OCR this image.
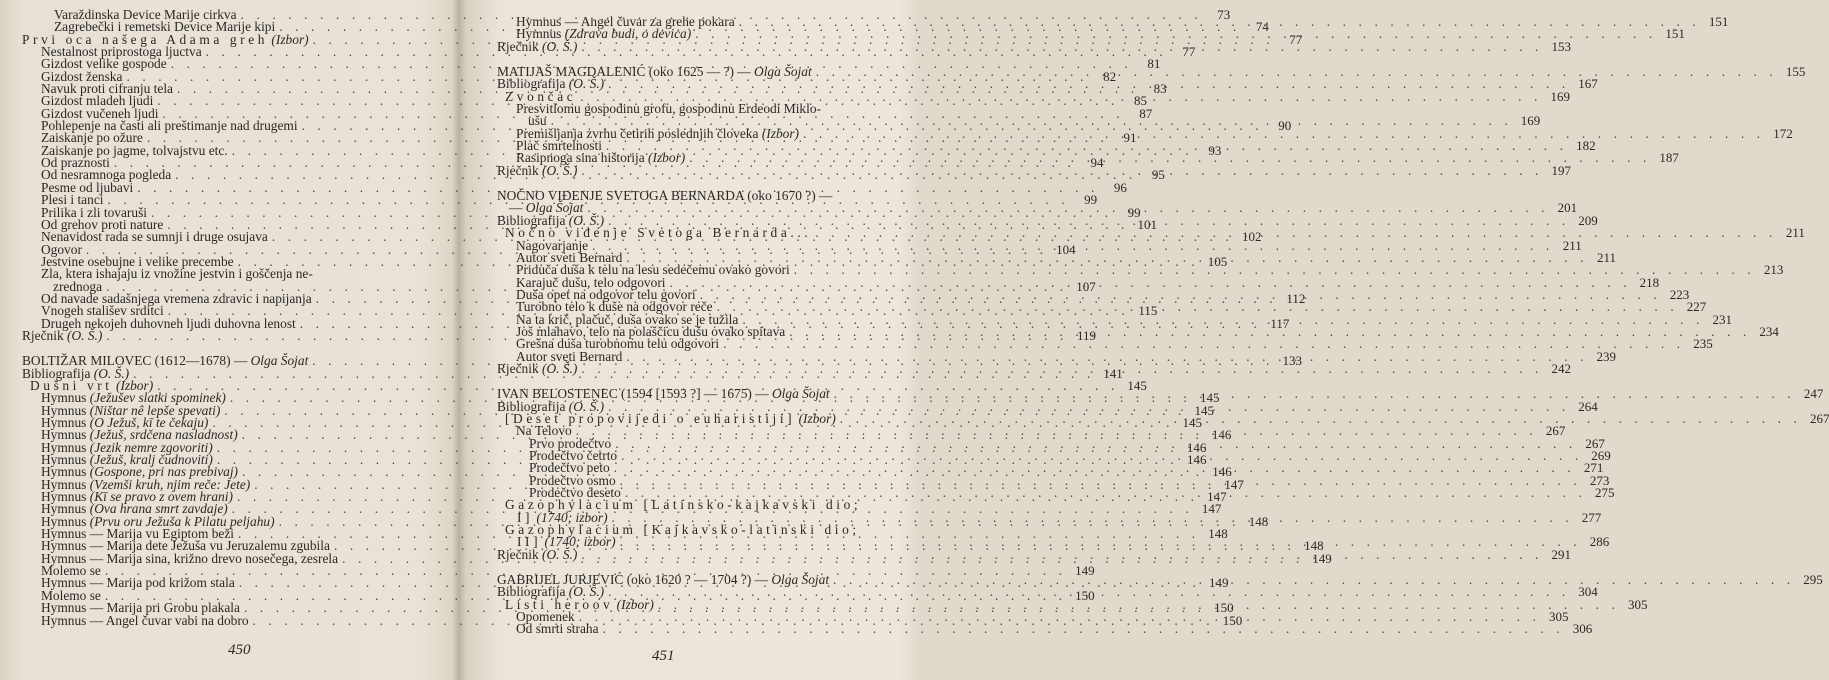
Varaždinska Device Marije cirkva . . .	73
Zagrebečki i remetski Device Marije kipi . . .	74
Prvi oca našega Adama greh (Izbor) . . .	77
Nestalnost priprostoga ljuctva . . .	77
Gizdost velike gospode . . .	81
Gizdost ženska . . .	82
Navuk proti cifranju tela . . .	83
Gizdost mladeh ljudi . . .	85
Gizdost vučeneh ljudi . . .	87
Pohlepenje na časti ali preštimanje nad drugemi . . .	90
Zaiskanje po ožure . . .	91
Zaiskanje po jagme, tolvajstvu etc. . . .	93
Od praznosti . . .	94
Od nesramnoga pogleda . . .	95
Pesme od ljubavi . . .	96
Plesi i tanci . . .	99
Prilika i zli tovaruši . . .	99
Od grehov proti nature . . .	101
Nenavidost rada se sumnji i druge osujava . . .	102
Ogovor . . .	104
Jestvine osebujne i velike precembe . . .	105
Zla, ktera ishajaju iz vnožine jestvin i goščenja ne-
zrednoga . . .	107
Od navade sadašnjega vremena zdravic i napijanja . . .	112
Vnogeh stališev srditci . . .	115
Drugeh nekojeh duhovneh ljudi duhovna lenost . . .	117
Rječnik (O. Š.) . . .	119
BOLTIŽAR MILOVEC (1612—1678) — Olga Šojat . . .	133
Bibliografija (O. Š.) . . .	141
Dušni vrt (Izbor) . . .	145
Hymnus (Ježušev slatki spominek) . . .	145
Hymnus (Ništar nê lepše spevati) . . .	145
Hymnus (O Ježuš, kī te čekaju) . . .	145
Hymnus (Ježuš, srdčena nasladnost) . . .	146
Hymnus (Jezik nemre zgovoriti) . . .	146
Hymnus (Ježuš, kralj čudnoviti) . . .	146
Hymnus (Gospone, pri nas prebivaj) . . .	146
Hymnus (Vzemši kruh, njim reče: Jete) . . .	147
Hymnus (Kī se pravo z ovem hrani) . . .	147
Hymnus (Ova hrana smrt zavdaje) . . .	147
Hymnus (Prvu oru Ježuša k Pilatu peljahu) . . .	148
Hymnus — Marija vu Egiptom beži . . .	148
Hymnus — Marija dete Ježuša vu Jeruzalemu zgubila . . .	148
Hymnus — Marija sina, križno drevo nosečega, zesrela . . .	149
Molemo se . . .	149
Hymnus — Marija pod križom stala . . .	149
Molemo se . . .	150
Hymnus — Marija pri Grobu plakala . . .	150
Hymnus — Angel čuvar vabi na dobro . . .	150
Hymnus — Angel čuvar za grehe pokara . . .	151
Hymnus (Zdrava budi, o devica) . . .	151
Rječnik (O. Š.) . . .	153
MATIJAŠ MAGDALENIĆ (oko 1625 — ?) — Olga Šojat . . .	155
Bibliografija (O. Š.) . . .	167
Zvončac . . .	169
Presvitlomu gospodinu grofu, gospodinu Erdeodi Miklo-
ušu . . .	169
Premišljanja zvrhu četirih poslednjih človeka (Izbor) . . .	172
Plač smrtelnosti . . .	182
Rasipnoga sina hištorija (Izbor) . . .	187
Rječnik (O. Š.) . . .	197
NOČNO VIĐENJE SVETOGA BERNARDA (oko 1670 ?) —
— Olga Šojat . . .	201
Bibliografija (O. Š.) . . .	209
Nočno viđenje Svetoga Bernarda... . . .	211
Nagovarjanje . . .	211
Autor sveti Bernard . . .	211
Priduča duša k telu na lesu sedečemu ovako govori . . .	213
Karajuč dušu, telo odgovori . . .	218
Duša opet na odgovor telu govori . . .	223
Turobno telo k duše na odgovor reče . . .	227
Na ta krič, plačuč, duša ovako se je tužila . . .	231
Još mlahavo, telo na polaščicu dušu ovako spitava . . .	234
Grešna duša turobnomu telu odgovori . . .	235
Autor sveti Bernard . . .	239
Rječnik (O. Š.) . . .	242
IVAN BELOSTENEC (1594 [1593 ?] — 1675) — Olga Šojat . . .	247
Bibliografija (O. Š.) . . .	264
[Deset propovijedi o euharistiji] (Izbor) . . .	267
Na Telovo . . .	267
Prvo prodečtvo . . .	267
Prodečtvo četrto . . .	269
Prodečtvo peto . . .	271
Prodečtvo osmo . . .	273
Prodečtvo deseto . . .	275
Gazophylacium [Latinsko-kajkavski dio;
I] (1740; izbor) . . .	277
Gazophylacium [Kajkavsko-latinski dio;
II] (1740; izbor) . . .	286
Rječnik (O. Š.) . . .	291
GABRIJEL JURJEVIĆ (oko 1620 ? — 1704 ?) — Olga Šojat . . .	295
Bibliografija (O. Š.) . . .	304
Listi heroov (Izbor) . . .	305
Opomenek . . .	305
Od smrti straha . . .	306
450	451
